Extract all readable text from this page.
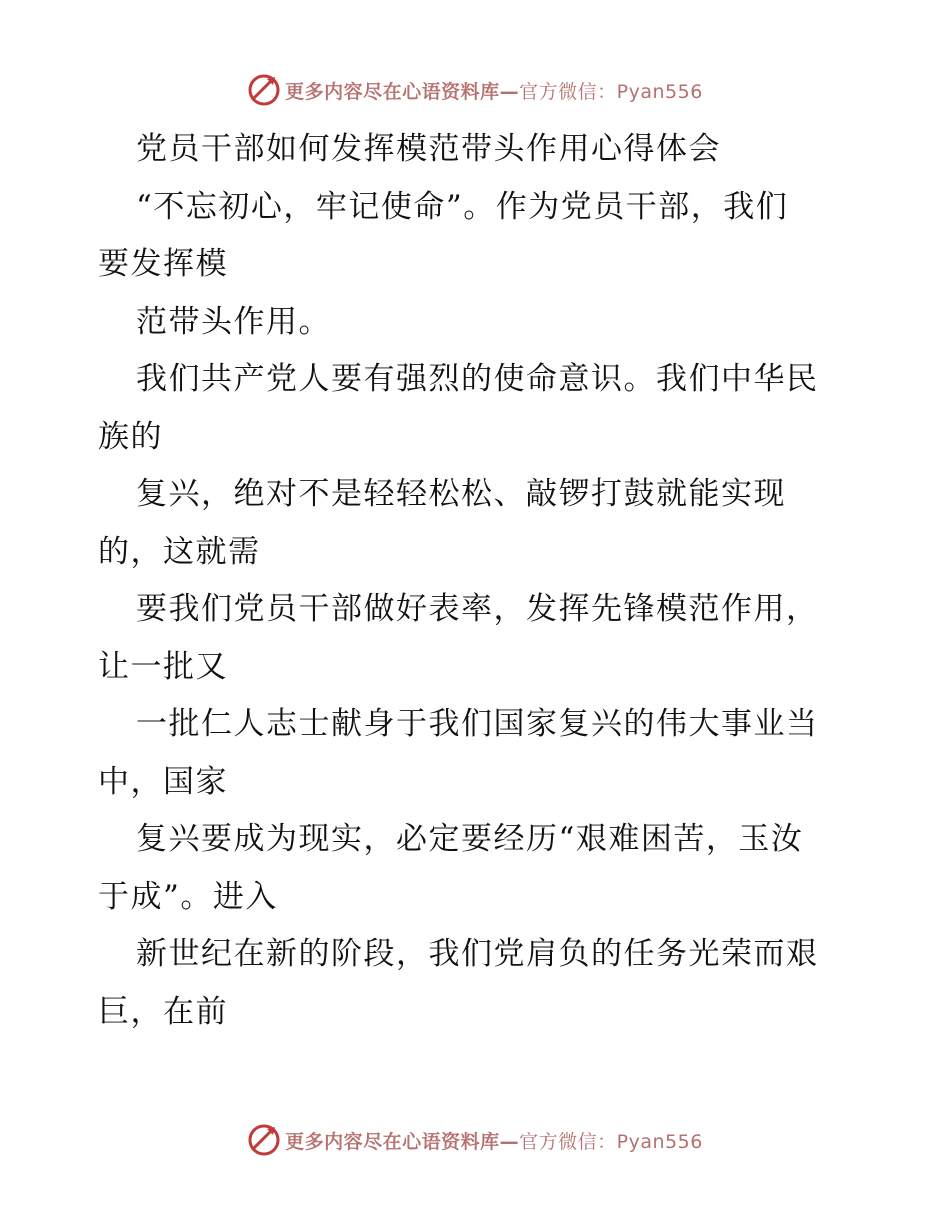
更多内容尽在心语资料库—官方微信：Pyan556
党员干部如何发挥模范带头作用心得体会
“不忘初心，牢记使命”。作为党员干部，我们
要发挥模
范带头作用。
我们共产党人要有强烈的使命意识。我们中华民
族的
复兴，绝对不是轻轻松松、敲锣打鼓就能实现
的，这就需
要我们党员干部做好表率，发挥先锋模范作用，
让一批又
一批仁人志士献身于我们国家复兴的伟大事业当
中，国家
复兴要成为现实，必定要经历“艰难困苦，玉汝
于成”。进入
新世纪在新的阶段，我们党肩负的任务光荣而艰
巨，在前
更多内容尽在心语资料库—官方微信：Pyan556
